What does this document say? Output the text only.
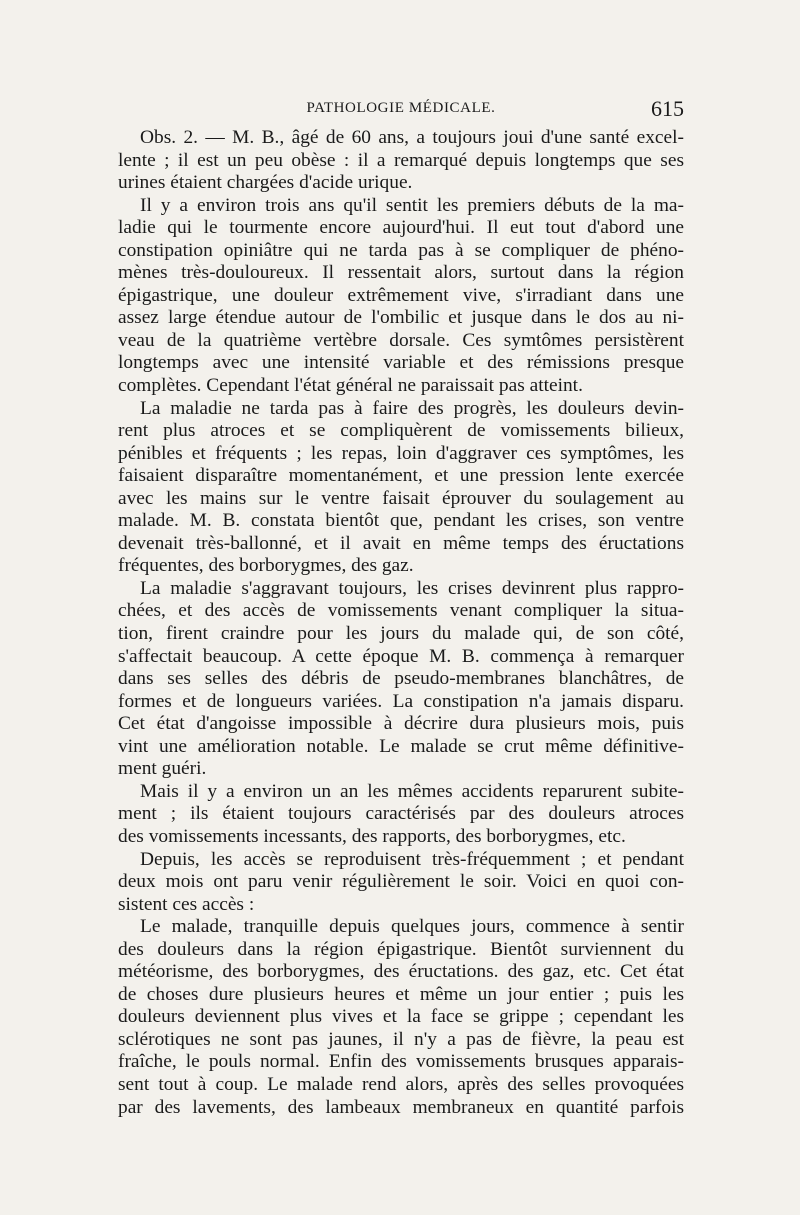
PATHOLOGIE MÉDICALE.	615
Obs. 2. — M. B., âgé de 60 ans, a toujours joui d'une santé excel-
lente ; il est un peu obèse : il a remarqué depuis longtemps que ses
urines étaient chargées d'acide urique.
Il y a environ trois ans qu'il sentit les premiers débuts de la ma-
ladie qui le tourmente encore aujourd'hui. Il eut tout d'abord une
constipation opiniâtre qui ne tarda pas à se compliquer de phéno-
mènes très-douloureux. Il ressentait alors, surtout dans la région
épigastrique, une douleur extrêmement vive, s'irradiant dans une
assez large étendue autour de l'ombilic et jusque dans le dos au ni-
veau de la quatrième vertèbre dorsale. Ces symtômes persistèrent
longtemps avec une intensité variable et des rémissions presque
complètes. Cependant l'état général ne paraissait pas atteint.
La maladie ne tarda pas à faire des progrès, les douleurs devin-
rent plus atroces et se compliquèrent de vomissements bilieux,
pénibles et fréquents ; les repas, loin d'aggraver ces symptômes, les
faisaient disparaître momentanément, et une pression lente exercée
avec les mains sur le ventre faisait éprouver du soulagement au
malade. M. B. constata bientôt que, pendant les crises, son ventre
devenait très-ballonné, et il avait en même temps des éructations
fréquentes, des borborygmes, des gaz.
La maladie s'aggravant toujours, les crises devinrent plus rappro-
chées, et des accès de vomissements venant compliquer la situa-
tion, firent craindre pour les jours du malade qui, de son côté,
s'affectait beaucoup. A cette époque M. B. commença à remarquer
dans ses selles des débris de pseudo-membranes blanchâtres, de
formes et de longueurs variées. La constipation n'a jamais disparu.
Cet état d'angoisse impossible à décrire dura plusieurs mois, puis
vint une amélioration notable. Le malade se crut même définitive-
ment guéri.
Mais il y a environ un an les mêmes accidents reparurent subite-
ment ; ils étaient toujours caractérisés par des douleurs atroces
des vomissements incessants, des rapports, des borborygmes, etc.
Depuis, les accès se reproduisent très-fréquemment ; et pendant
deux mois ont paru venir régulièrement le soir. Voici en quoi con-
sistent ces accès :
Le malade, tranquille depuis quelques jours, commence à sentir
des douleurs dans la région épigastrique. Bientôt surviennent du
météorisme, des borborygmes, des éructations. des gaz, etc. Cet état
de choses dure plusieurs heures et même un jour entier ; puis les
douleurs deviennent plus vives et la face se grippe ; cependant les
sclérotiques ne sont pas jaunes, il n'y a pas de fièvre, la peau est
fraîche, le pouls normal. Enfin des vomissements brusques apparais-
sent tout à coup. Le malade rend alors, après des selles provoquées
par des lavements, des lambeaux membraneux en quantité parfois
